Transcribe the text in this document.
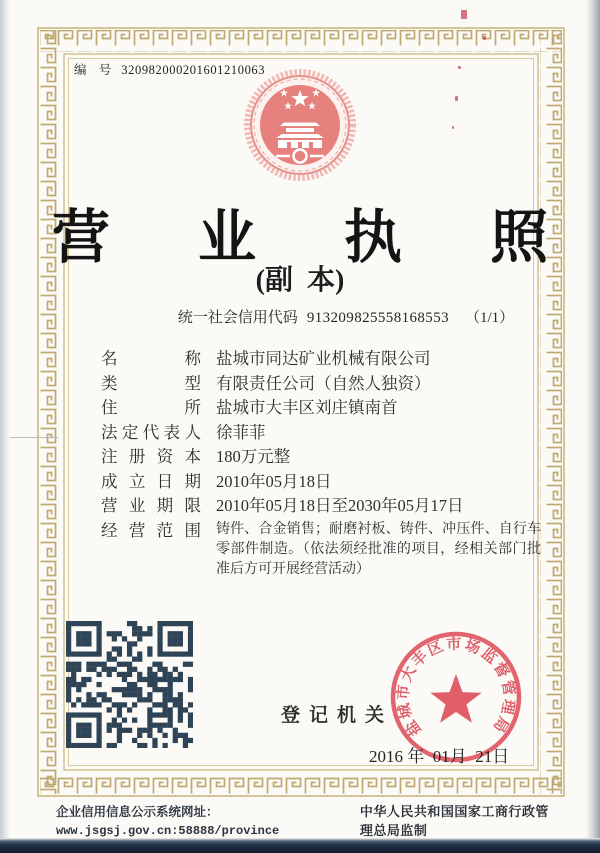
编  号 320982000201601210063
营 业 执 照
(副  本)
统一社会信用代码 913209825558168553 （1/1）
名称 盐城市同达矿业机械有限公司
类型 有限责任公司（自然人独资）
住所 盐城市大丰区刘庄镇南首
法定代表人 徐菲菲
注册资本 180万元整
成立日期 2010年05月18日
营业期限 2010年05月18日至2030年05月17日
经营范围 铸件、合金销售；耐磨衬板、铸件、冲压件、自行车零部件制造。（依法须经批准的项目，经相关部门批准后方可开展经营活动）
登记机关
盐城市大丰区市场监督管理局
2016 年  01月  21日
企业信用信息公示系统网址：www.jsgsj.gov.cn:58888/province
中华人民共和国国家工商行政管理总局监制
